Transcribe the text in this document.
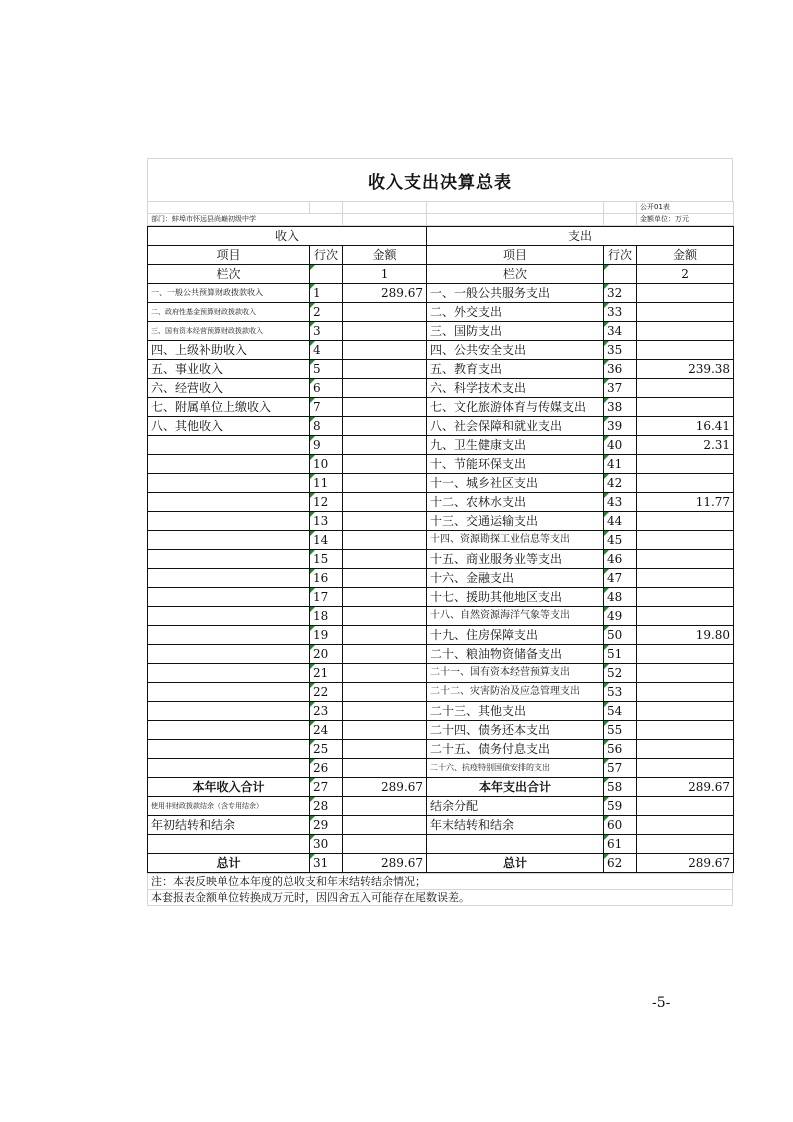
收入支出决算总表
					公开01表
部门：蚌埠市怀远县尚巅初级中学					金额单位：万元
收入			支出		
项目	行次	金额	项目	行次	金额
栏次		1	栏次		2
一、一般公共预算财政拨款收入	1	289.67	一、一般公共服务支出	32	
二、政府性基金预算财政拨款收入	2		二、外交支出	33	
三、国有资本经营预算财政拨款收入	3		三、国防支出	34	
四、上级补助收入	4		四、公共安全支出	35	
五、事业收入	5		五、教育支出	36	239.38
六、经营收入	6		六、科学技术支出	37	
七、附属单位上缴收入	7		七、文化旅游体育与传媒支出	38	
八、其他收入	8		八、社会保障和就业支出	39	16.41
	9		九、卫生健康支出	40	2.31
	10		十、节能环保支出	41	
	11		十一、城乡社区支出	42	
	12		十二、农林水支出	43	11.77
	13		十三、交通运输支出	44	
	14		十四、资源勘探工业信息等支出	45	
	15		十五、商业服务业等支出	46	
	16		十六、金融支出	47	
	17		十七、援助其他地区支出	48	
	18		十八、自然资源海洋气象等支出	49	
	19		十九、住房保障支出	50	19.80
	20		二十、粮油物资储备支出	51	
	21		二十一、国有资本经营预算支出	52	
	22		二十二、灾害防治及应急管理支出	53	
	23		二十三、其他支出	54	
	24		二十四、债务还本支出	55	
	25		二十五、债务付息支出	56	
	26		二十六、抗疫特别国债安排的支出	57	
本年收入合计	27	289.67	本年支出合计	58	289.67
使用非财政拨款结余（含专用结余）	28		结余分配	59	
年初结转和结余	29		年末结转和结余	60	
	30			61	
总计	31	289.67	总计	62	289.67
注：本表反映单位本年度的总收支和年末结转结余情况；
本套报表金额单位转换成万元时，因四舍五入可能存在尾数误差。
-5-
